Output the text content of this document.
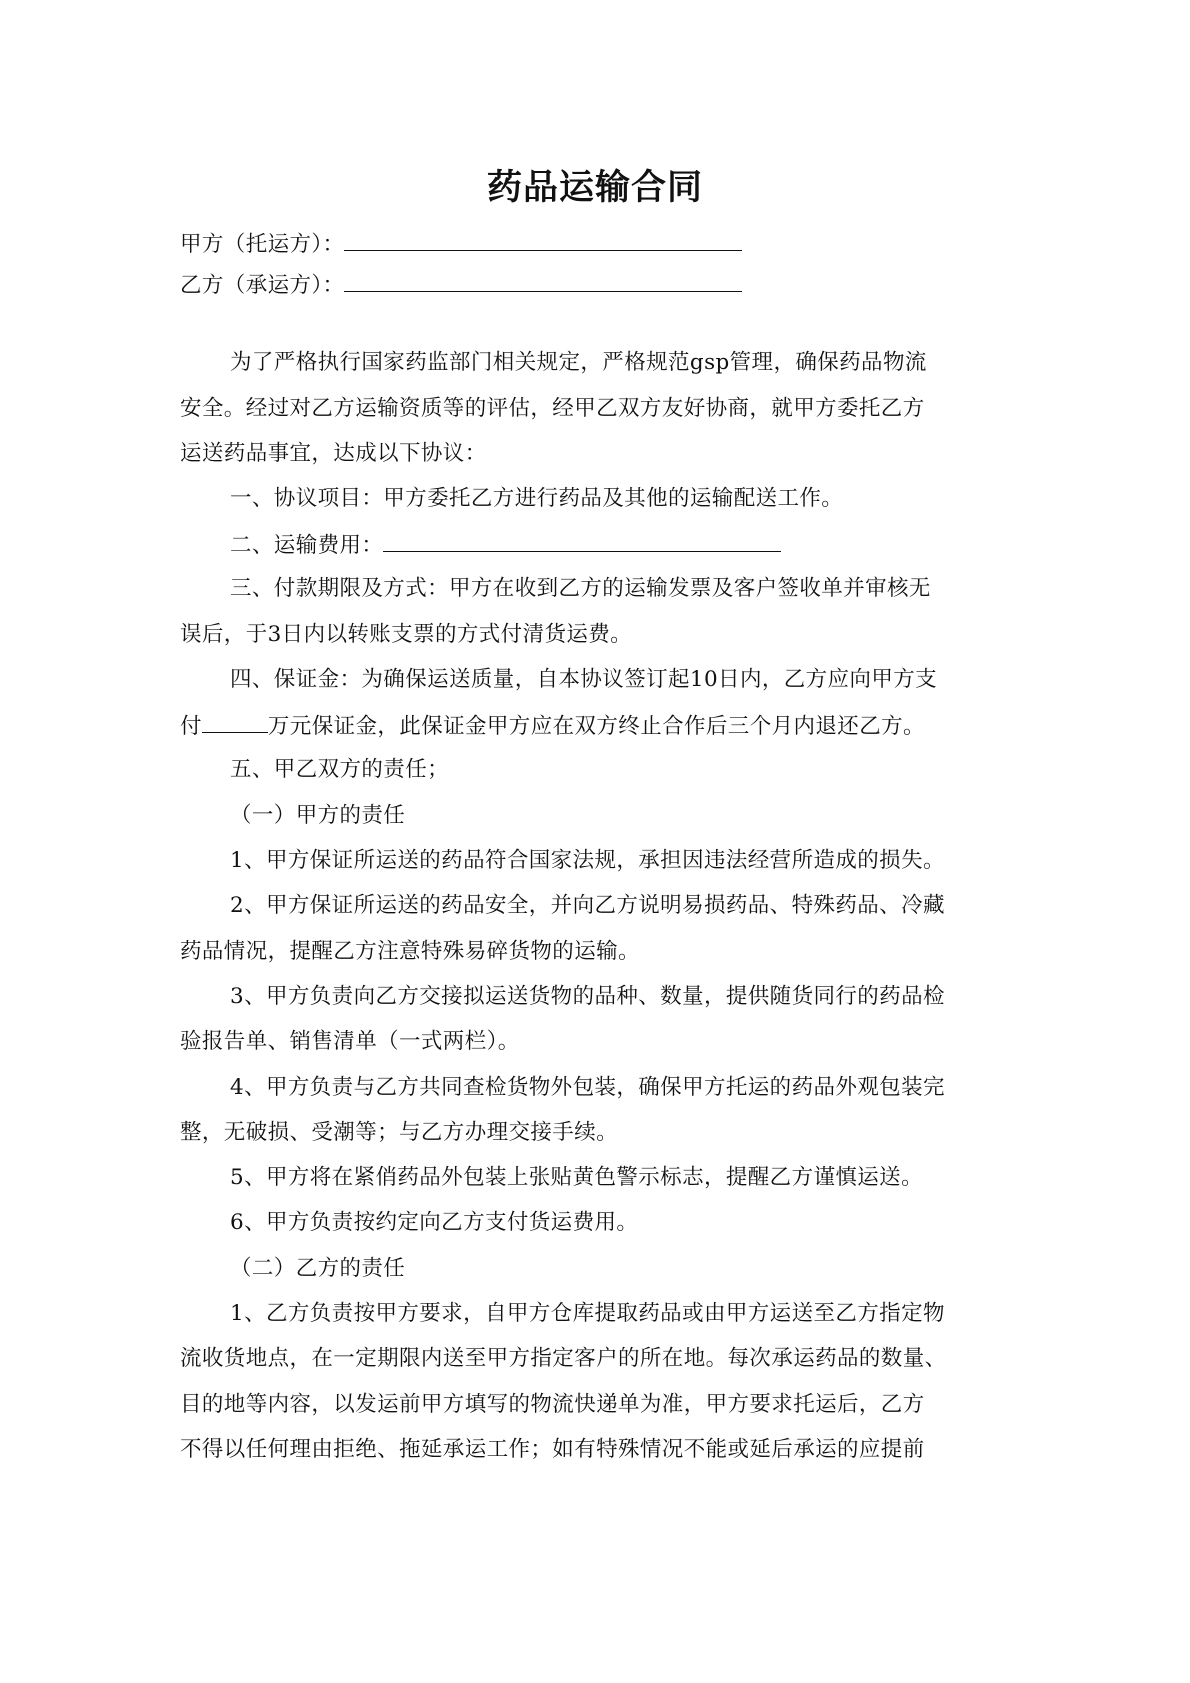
药品运输合同
甲方（托运方）：
乙方（承运方）：
为了严格执行国家药监部门相关规定，严格规范gsp管理，确保药品物流
安全。经过对乙方运输资质等的评估，经甲乙双方友好协商，就甲方委托乙方
运送药品事宜，达成以下协议：
一、协议项目：甲方委托乙方进行药品及其他的运输配送工作。
二、运输费用：
三、付款期限及方式：甲方在收到乙方的运输发票及客户签收单并审核无
误后，于3日内以转账支票的方式付清货运费。
四、保证金：为确保运送质量，自本协议签订起10日内，乙方应向甲方支
付	万元保证金，此保证金甲方应在双方终止合作后三个月内退还乙方。
五、甲乙双方的责任；
（一）甲方的责任
1、甲方保证所运送的药品符合国家法规，承担因违法经营所造成的损失。
2、甲方保证所运送的药品安全，并向乙方说明易损药品、特殊药品、冷藏
药品情况，提醒乙方注意特殊易碎货物的运输。
3、甲方负责向乙方交接拟运送货物的品种、数量，提供随货同行的药品检
验报告单、销售清单（一式两栏）。
4、甲方负责与乙方共同查检货物外包装，确保甲方托运的药品外观包装完
整，无破损、受潮等；与乙方办理交接手续。
5、甲方将在紧俏药品外包装上张贴黄色警示标志，提醒乙方谨慎运送。
6、甲方负责按约定向乙方支付货运费用。
（二）乙方的责任
1、乙方负责按甲方要求，自甲方仓库提取药品或由甲方运送至乙方指定物
流收货地点，在一定期限内送至甲方指定客户的所在地。每次承运药品的数量、
目的地等内容，以发运前甲方填写的物流快递单为准，甲方要求托运后，乙方
不得以任何理由拒绝、拖延承运工作；如有特殊情况不能或延后承运的应提前
